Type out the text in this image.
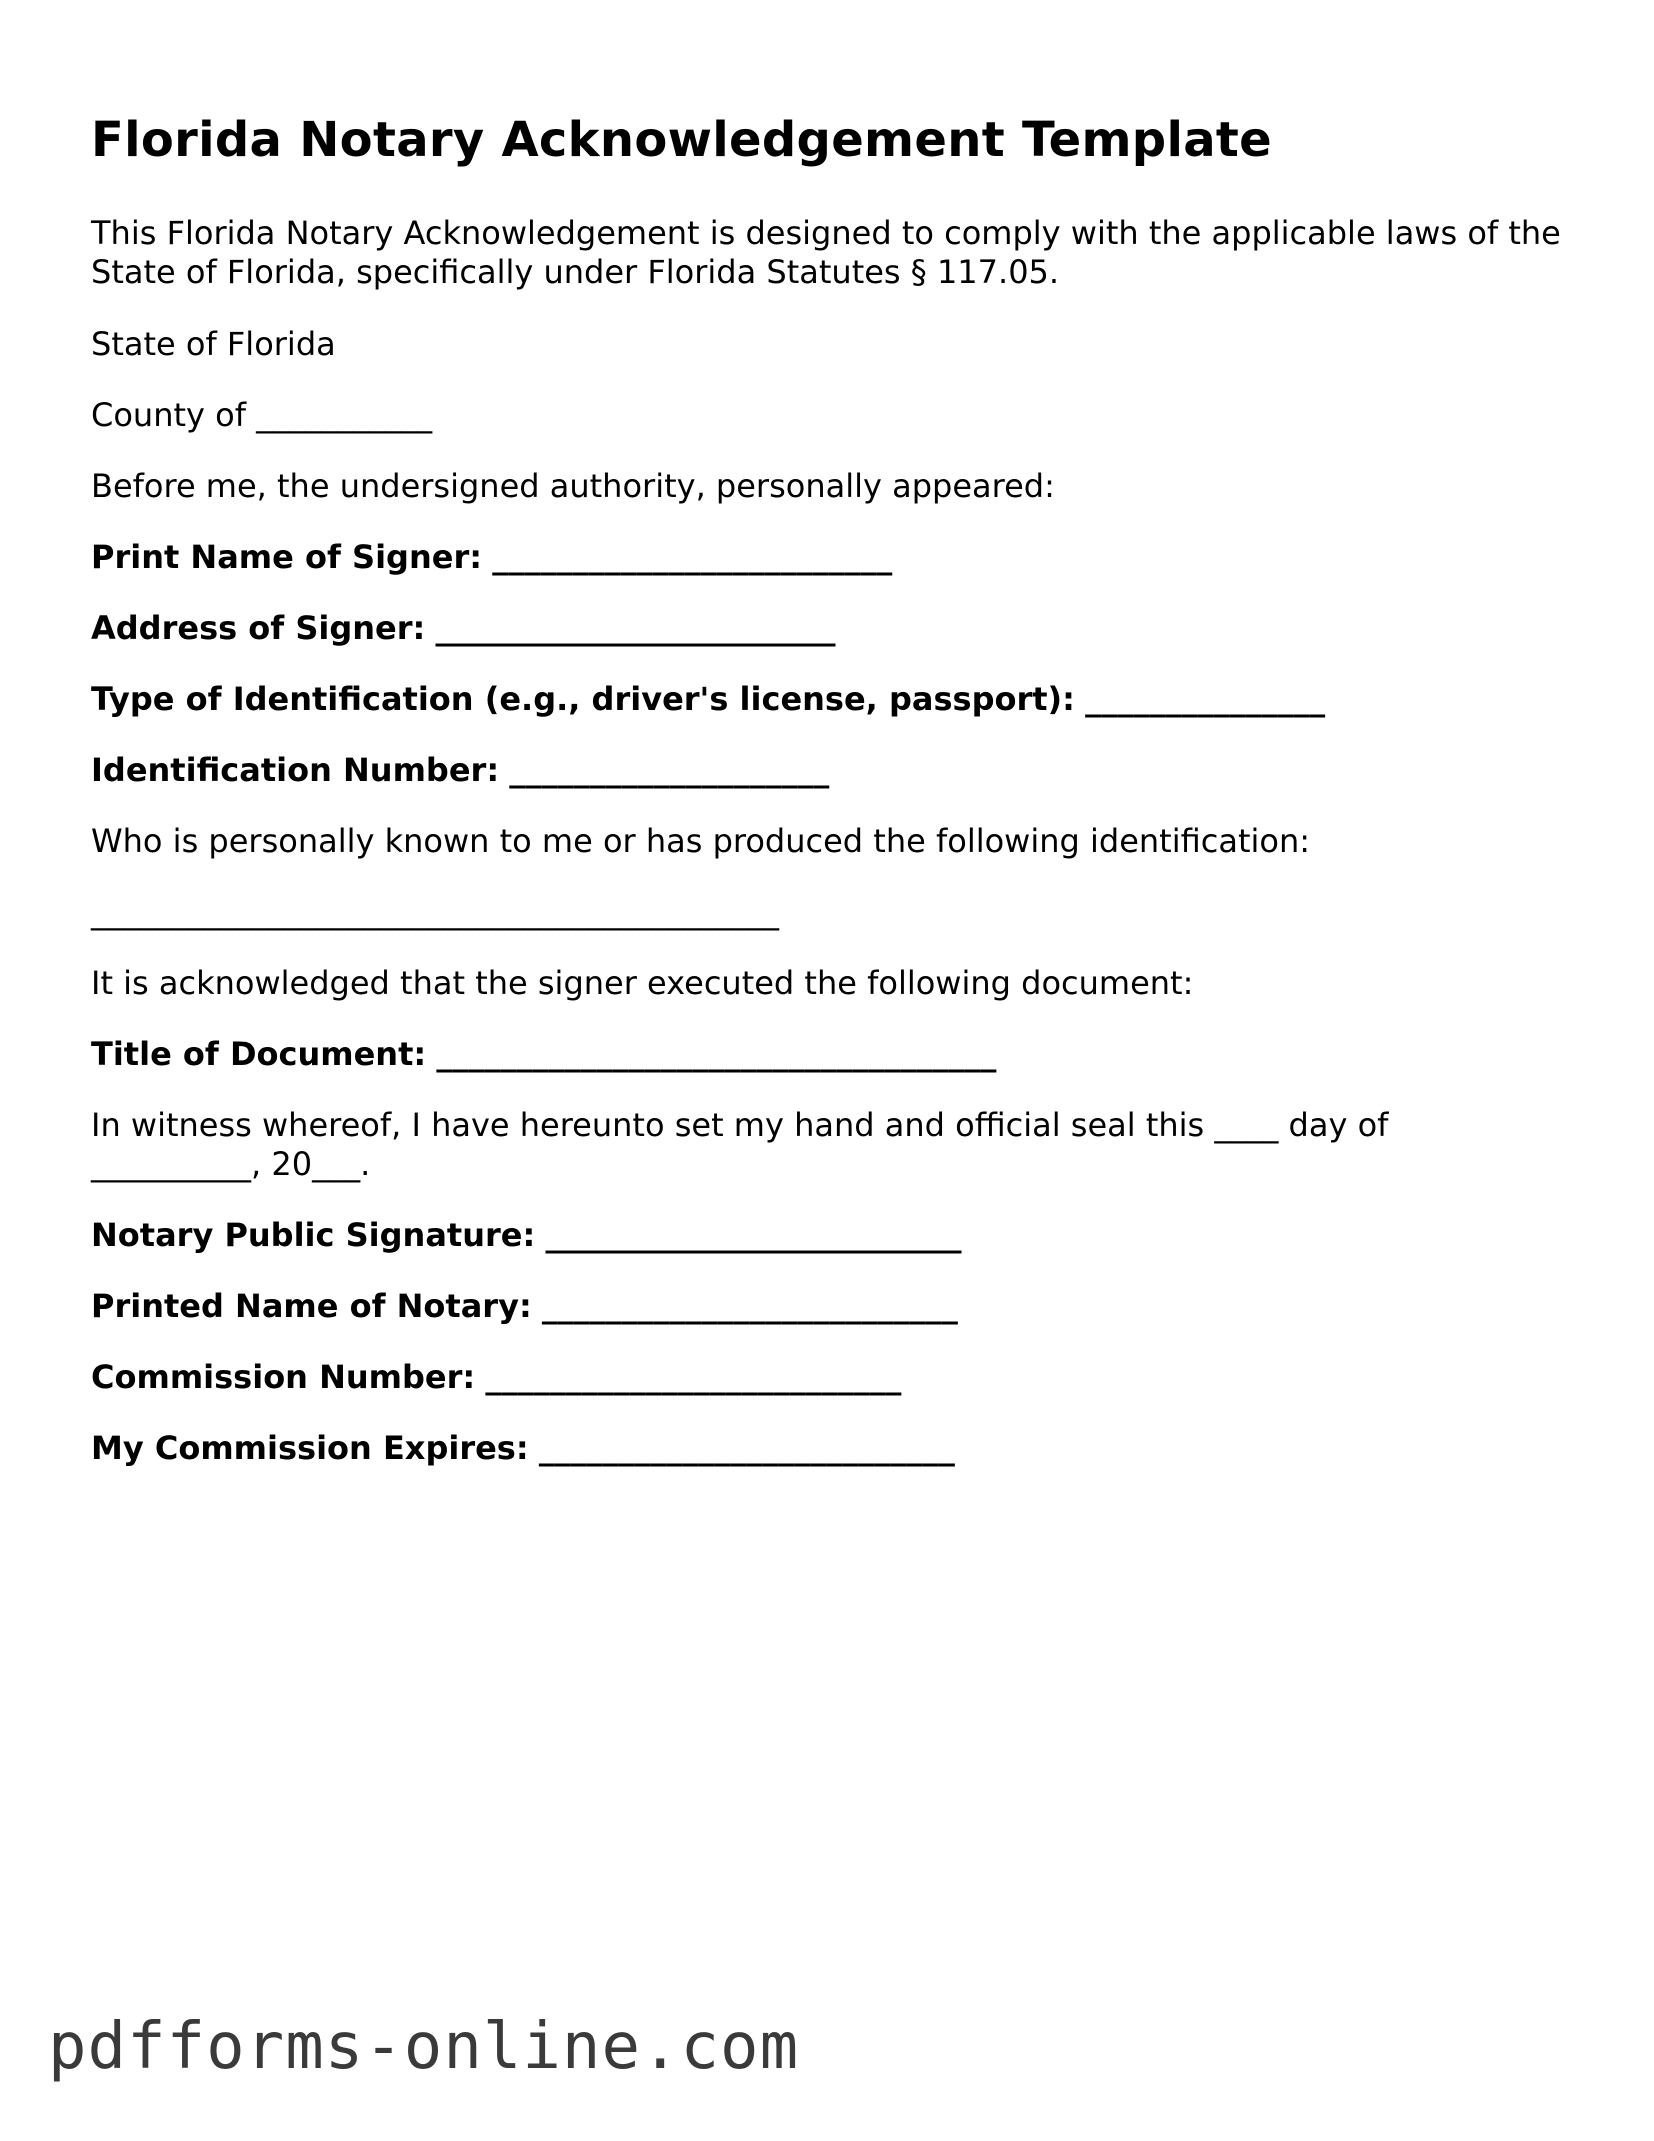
Florida Notary Acknowledgement Template

This Florida Notary Acknowledgement is designed to comply with the applicable laws of the State of Florida, specifically under Florida Statutes § 117.05.

State of Florida

County of ___________

Before me, the undersigned authority, personally appeared:

Print Name of Signer: _________________________

Address of Signer: _________________________

Type of Identification (e.g., driver's license, passport): _______________

Identification Number: ____________________

Who is personally known to me or has produced the following identification:

___________________________________________

It is acknowledged that the signer executed the following document:

Title of Document: ___________________________________

In witness whereof, I have hereunto set my hand and official seal this ____ day of __________, 20___.

Notary Public Signature: __________________________

Printed Name of Notary: __________________________

Commission Number: __________________________

My Commission Expires: __________________________

pdfforms-online.com
